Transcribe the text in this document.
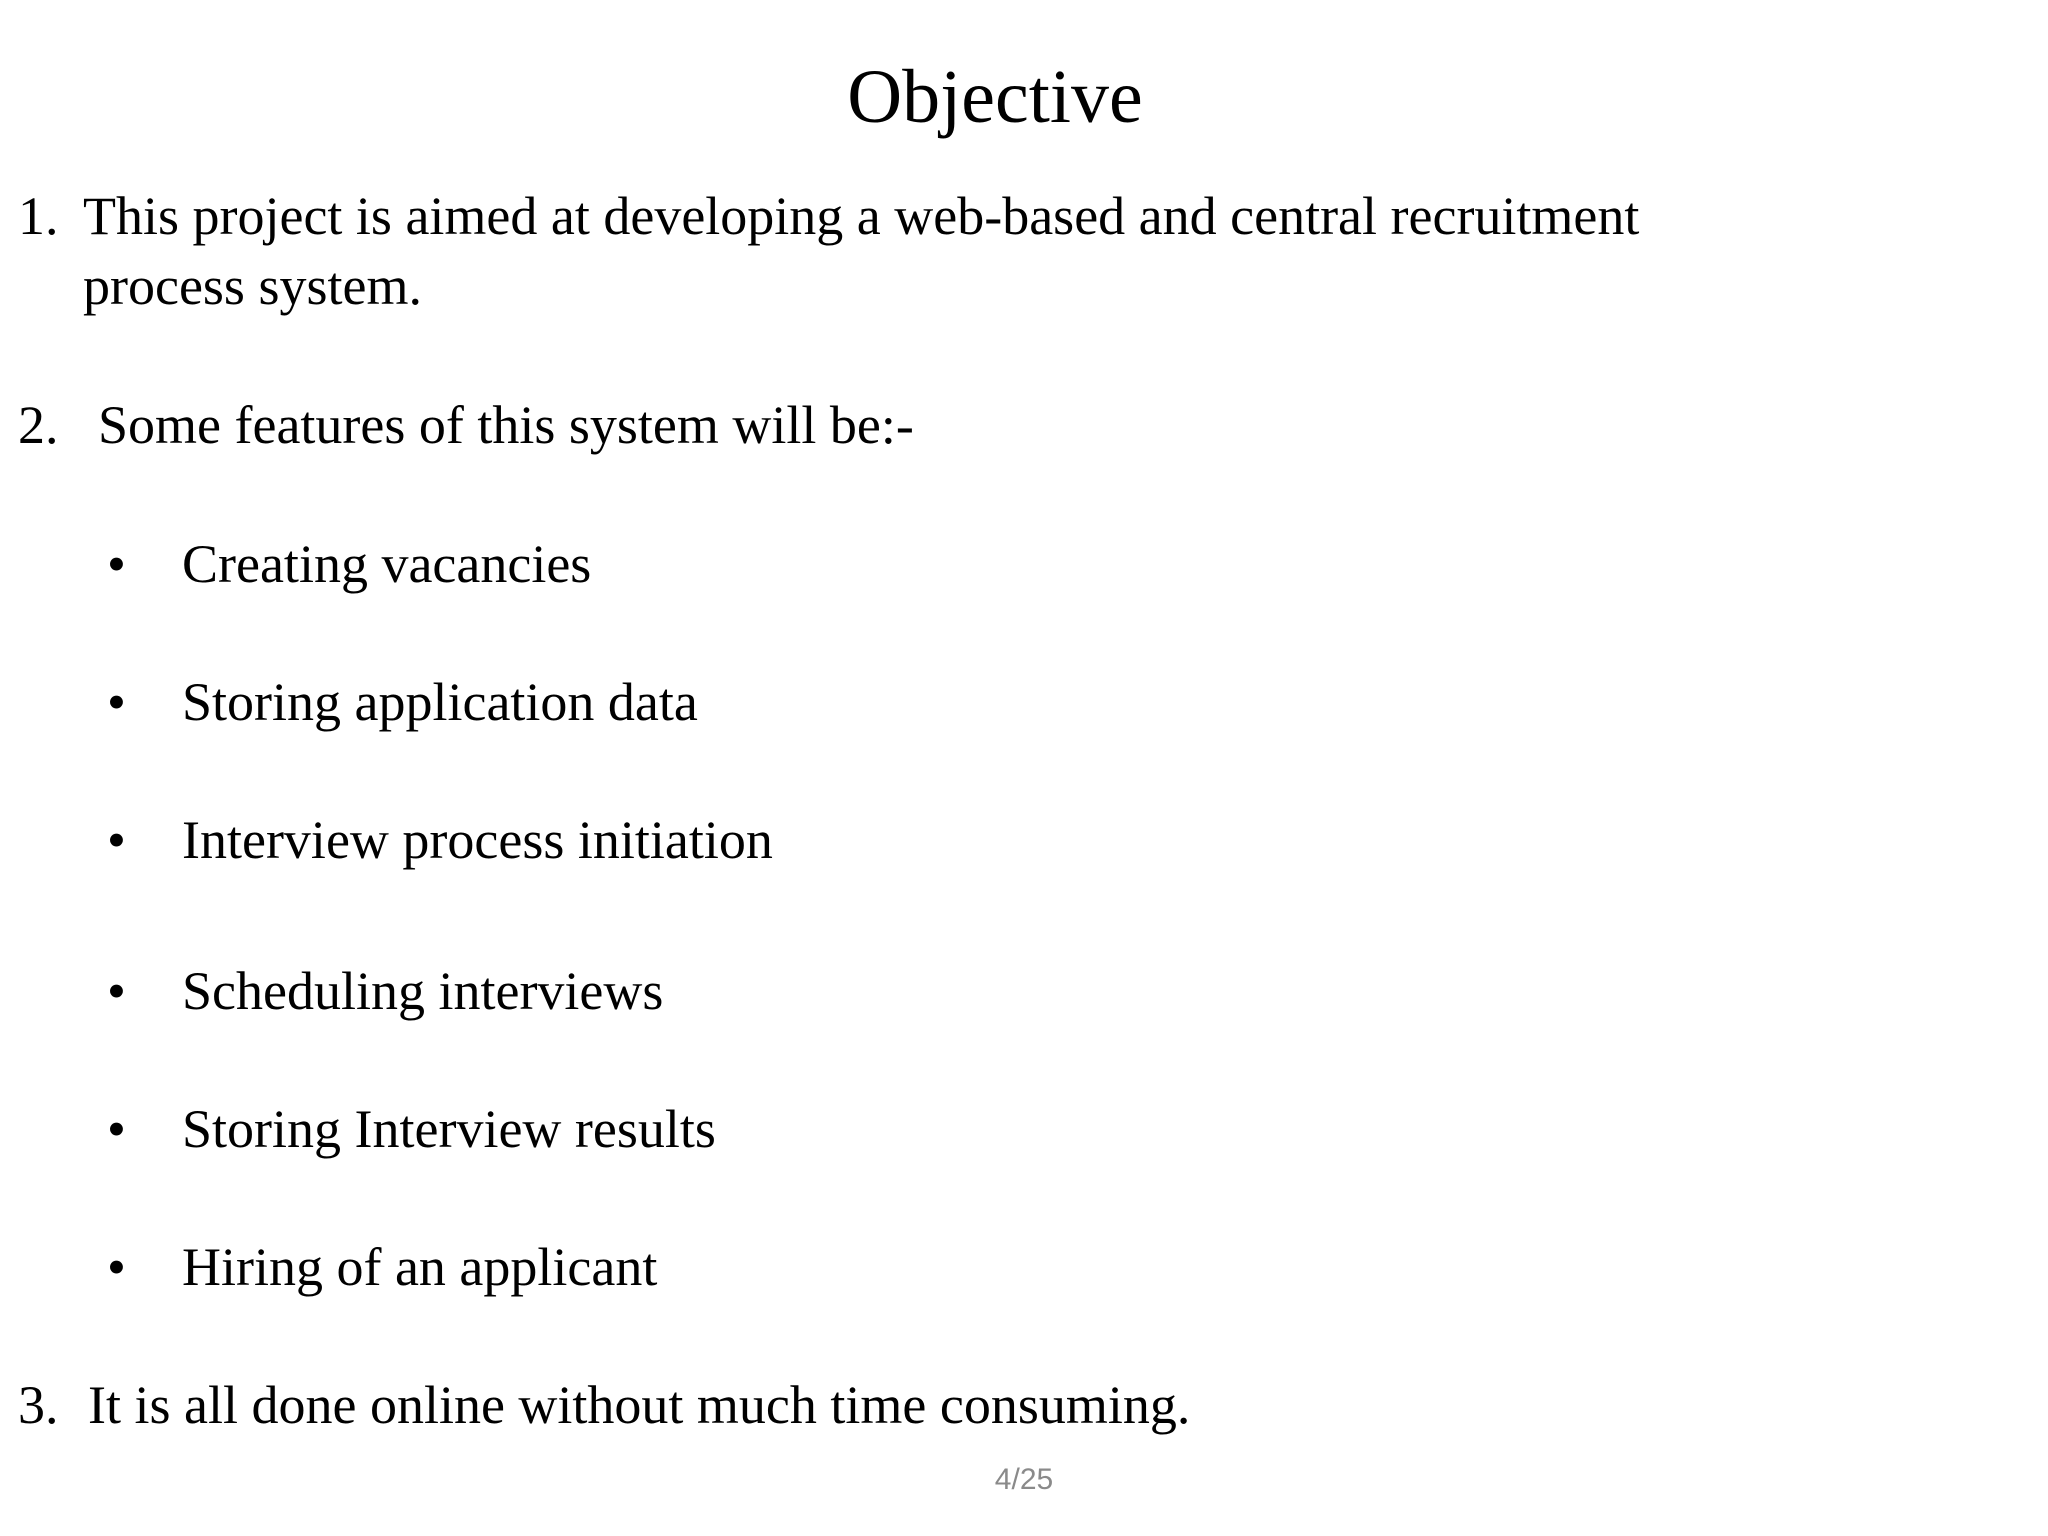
Objective
1. This project is aimed at developing a web-based and central recruitment
process system.
2. Some features of this system will be:-
• Creating vacancies
• Storing application data
• Interview process initiation
• Scheduling interviews
• Storing Interview results
• Hiring of an applicant
3. It is all done online without much time consuming.
4/25
